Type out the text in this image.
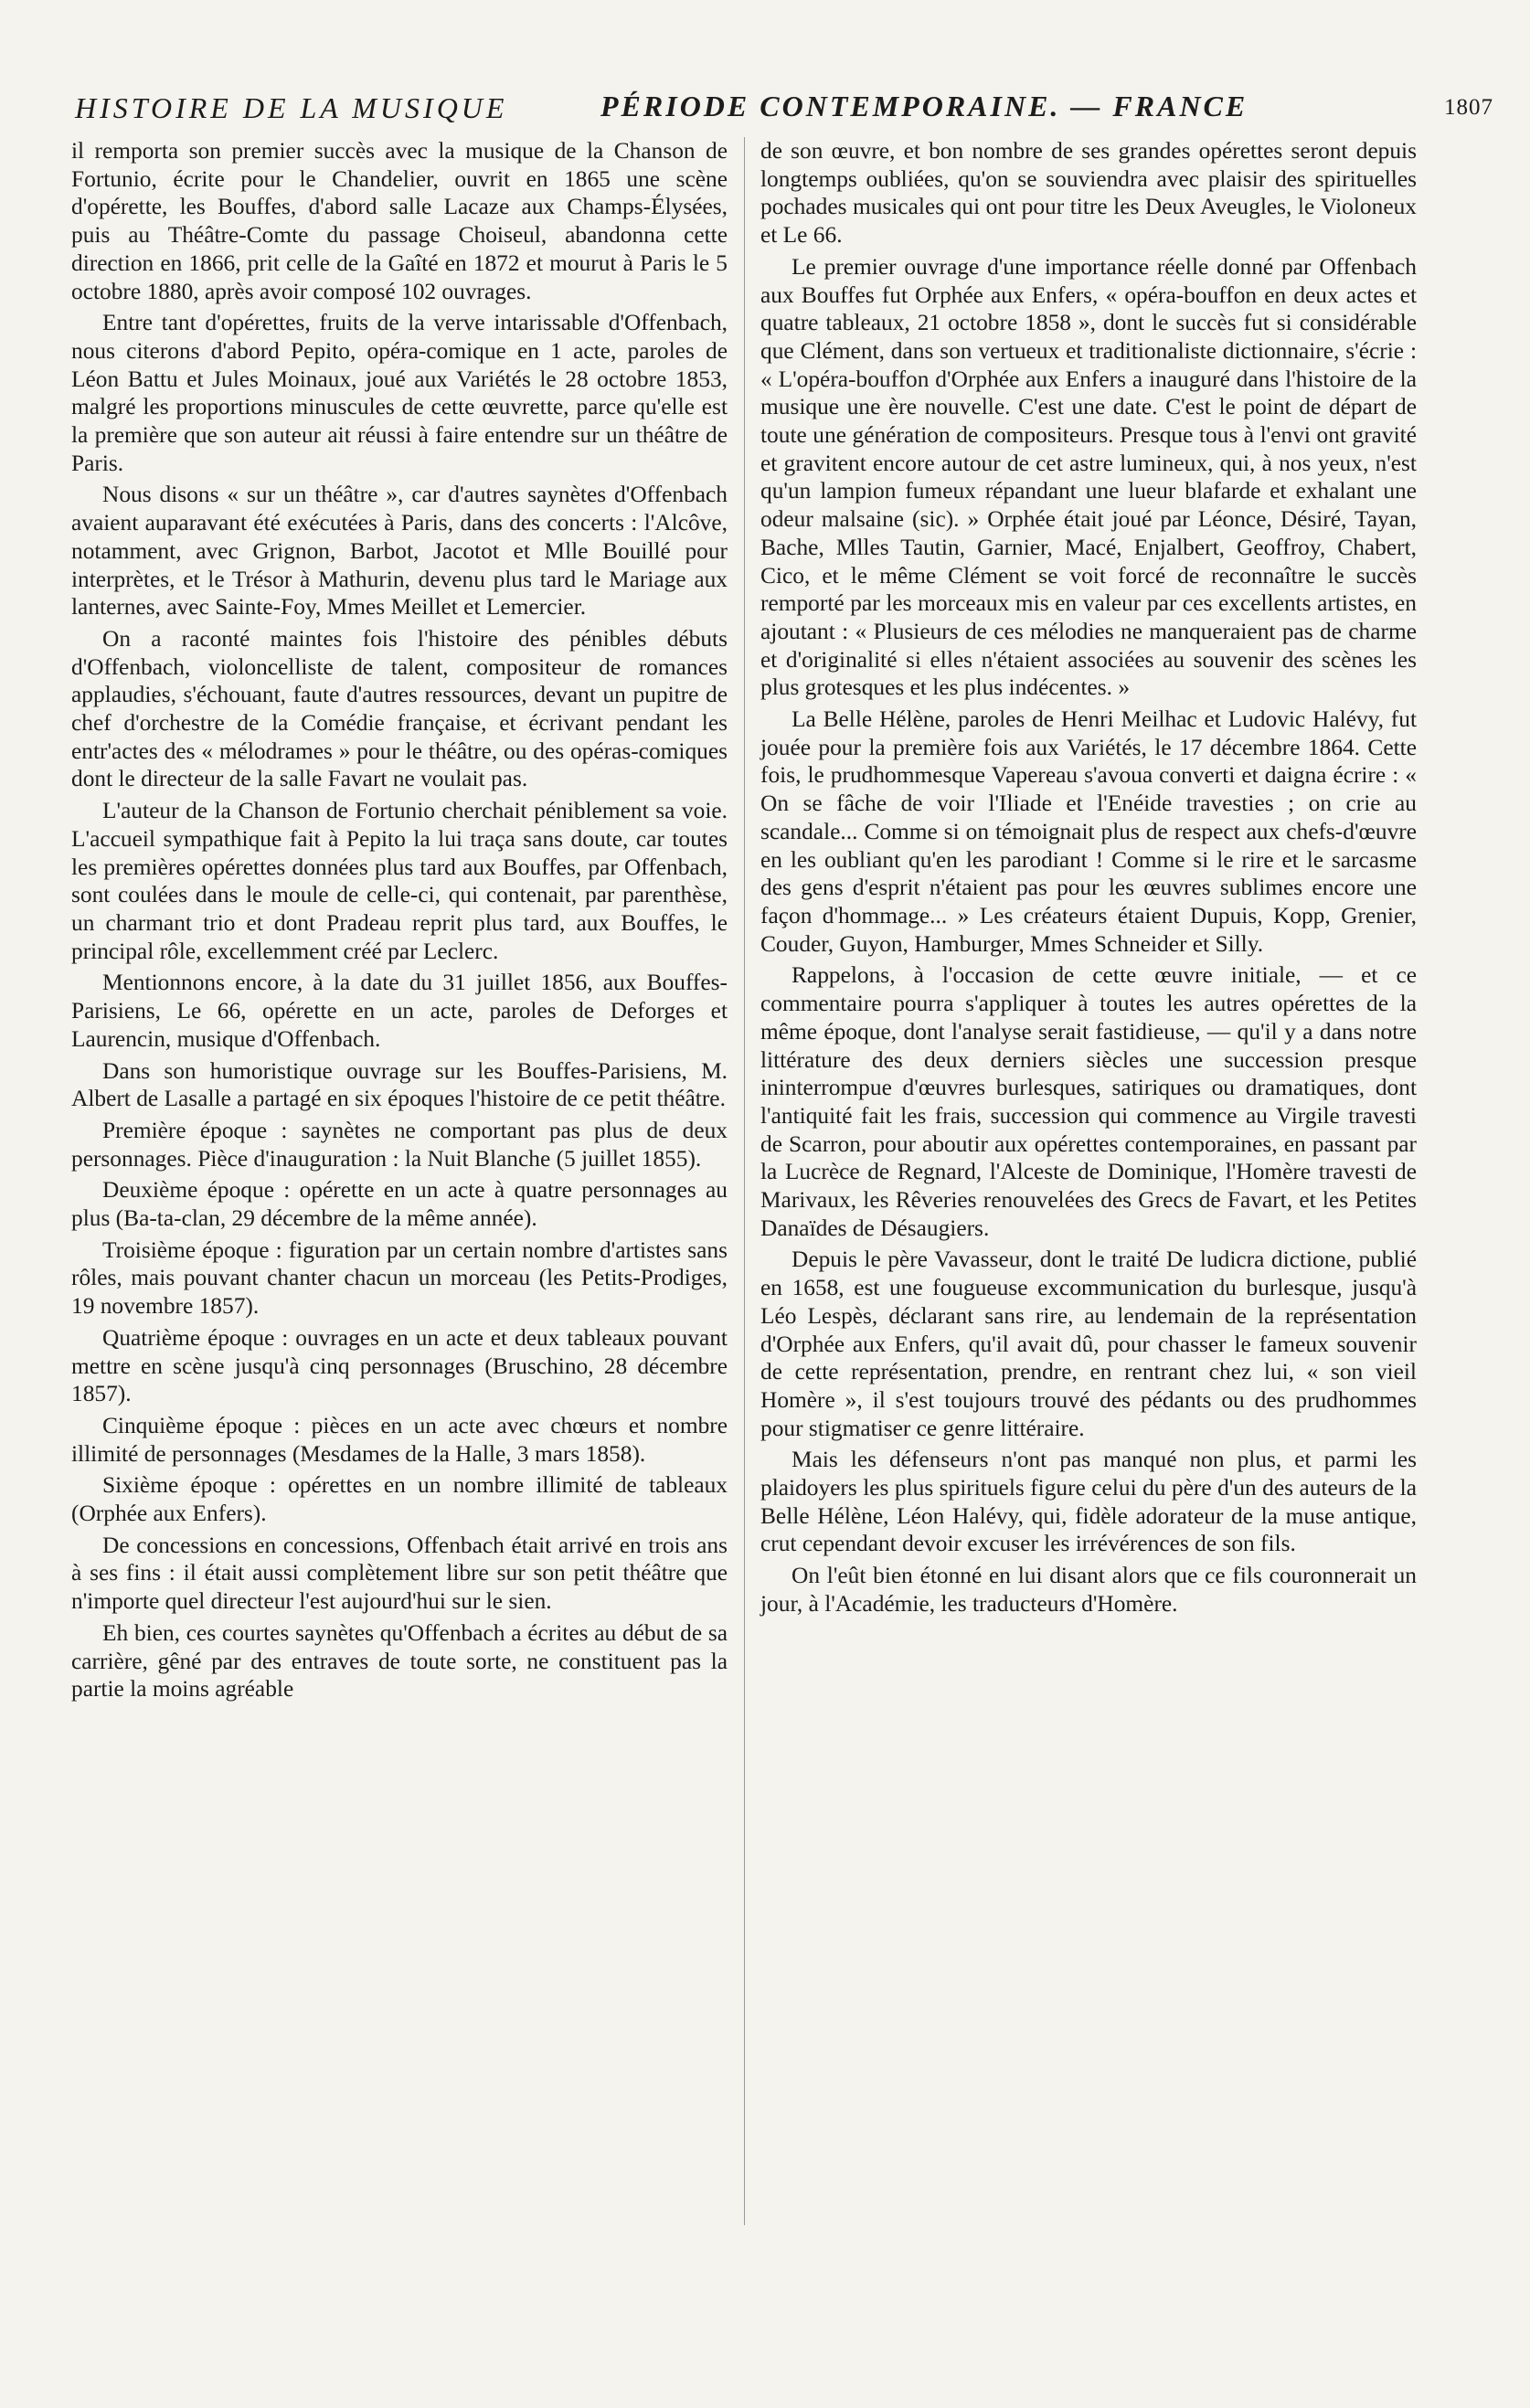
HISTOIRE DE LA MUSIQUE	PÉRIODE CONTEMPORAINE. — FRANCE	1807

il remporta son premier succès avec la musique de la Chanson de Fortunio, écrite pour le Chandelier, ouvrit en 1865 une scène d'opérette, les Bouffes, d'abord salle Lacaze aux Champs-Élysées, puis au Théâtre-Comte du passage Choiseul, abandonna cette direction en 1866, prit celle de la Gaîté en 1872 et mourut à Paris le 5 octobre 1880, après avoir composé 102 ouvrages.

Entre tant d'opérettes, fruits de la verve intarissable d'Offenbach, nous citerons d'abord Pepito, opéra-comique en 1 acte, paroles de Léon Battu et Jules Moinaux, joué aux Variétés le 28 octobre 1853, malgré les proportions minuscules de cette œuvrette, parce qu'elle est la première que son auteur ait réussi à faire entendre sur un théâtre de Paris.

Nous disons « sur un théâtre », car d'autres saynètes d'Offenbach avaient auparavant été exécutées à Paris, dans des concerts : l'Alcôve, notamment, avec Grignon, Barbot, Jacotot et Mlle Bouillé pour interprètes, et le Trésor à Mathurin, devenu plus tard le Mariage aux lanternes, avec Sainte-Foy, Mmes Meillet et Lemercier.

On a raconté maintes fois l'histoire des pénibles débuts d'Offenbach, violoncelliste de talent, compositeur de romances applaudies, s'échouant, faute d'autres ressources, devant un pupitre de chef d'orchestre de la Comédie française, et écrivant pendant les entr'actes des « mélodrames » pour le théâtre, ou des opéras-comiques dont le directeur de la salle Favart ne voulait pas.

L'auteur de la Chanson de Fortunio cherchait péniblement sa voie. L'accueil sympathique fait à Pepito la lui traça sans doute, car toutes les premières opérettes données plus tard aux Bouffes, par Offenbach, sont coulées dans le moule de celle-ci, qui contenait, par parenthèse, un charmant trio et dont Pradeau reprit plus tard, aux Bouffes, le principal rôle, excellemment créé par Leclerc.

Mentionnons encore, à la date du 31 juillet 1856, aux Bouffes-Parisiens, Le 66, opérette en un acte, paroles de Deforges et Laurencin, musique d'Offenbach.

Dans son humoristique ouvrage sur les Bouffes-Parisiens, M. Albert de Lasalle a partagé en six époques l'histoire de ce petit théâtre.

Première époque : saynètes ne comportant pas plus de deux personnages. Pièce d'inauguration : la Nuit Blanche (5 juillet 1855).

Deuxième époque : opérette en un acte à quatre personnages au plus (Ba-ta-clan, 29 décembre de la même année).

Troisième époque : figuration par un certain nombre d'artistes sans rôles, mais pouvant chanter chacun un morceau (les Petits-Prodiges, 19 novembre 1857).

Quatrième époque : ouvrages en un acte et deux tableaux pouvant mettre en scène jusqu'à cinq personnages (Bruschino, 28 décembre 1857).

Cinquième époque : pièces en un acte avec chœurs et nombre illimité de personnages (Mesdames de la Halle, 3 mars 1858).

Sixième époque : opérettes en un nombre illimité de tableaux (Orphée aux Enfers).

De concessions en concessions, Offenbach était arrivé en trois ans à ses fins : il était aussi complètement libre sur son petit théâtre que n'importe quel directeur l'est aujourd'hui sur le sien.

Eh bien, ces courtes saynètes qu'Offenbach a écrites au début de sa carrière, gêné par des entraves de toute sorte, ne constituent pas la partie la moins agréable

de son œuvre, et bon nombre de ses grandes opérettes seront depuis longtemps oubliées, qu'on se souviendra avec plaisir des spirituelles pochades musicales qui ont pour titre les Deux Aveugles, le Violoneux et Le 66.

Le premier ouvrage d'une importance réelle donné par Offenbach aux Bouffes fut Orphée aux Enfers, « opéra-bouffon en deux actes et quatre tableaux, 21 octobre 1858 », dont le succès fut si considérable que Clément, dans son vertueux et traditionaliste dictionnaire, s'écrie : « L'opéra-bouffon d'Orphée aux Enfers a inauguré dans l'histoire de la musique une ère nouvelle. C'est une date. C'est le point de départ de toute une génération de compositeurs. Presque tous à l'envi ont gravité et gravitent encore autour de cet astre lumineux, qui, à nos yeux, n'est qu'un lampion fumeux répandant une lueur blafarde et exhalant une odeur malsaine (sic). » Orphée était joué par Léonce, Désiré, Tayan, Bache, Mlles Tautin, Garnier, Macé, Enjalbert, Geoffroy, Chabert, Cico, et le même Clément se voit forcé de reconnaître le succès remporté par les morceaux mis en valeur par ces excellents artistes, en ajoutant : « Plusieurs de ces mélodies ne manqueraient pas de charme et d'originalité si elles n'étaient associées au souvenir des scènes les plus grotesques et les plus indécentes. »

La Belle Hélène, paroles de Henri Meilhac et Ludovic Halévy, fut jouée pour la première fois aux Variétés, le 17 décembre 1864. Cette fois, le prudhommesque Vapereau s'avoua converti et daigna écrire : « On se fâche de voir l'Iliade et l'Enéide travesties ; on crie au scandale... Comme si on témoignait plus de respect aux chefs-d'œuvre en les oubliant qu'en les parodiant ! Comme si le rire et le sarcasme des gens d'esprit n'étaient pas pour les œuvres sublimes encore une façon d'hommage... » Les créateurs étaient Dupuis, Kopp, Grenier, Couder, Guyon, Hamburger, Mmes Schneider et Silly.

Rappelons, à l'occasion de cette œuvre initiale, — et ce commentaire pourra s'appliquer à toutes les autres opérettes de la même époque, dont l'analyse serait fastidieuse, — qu'il y a dans notre littérature des deux derniers siècles une succession presque ininterrompue d'œuvres burlesques, satiriques ou dramatiques, dont l'antiquité fait les frais, succession qui commence au Virgile travesti de Scarron, pour aboutir aux opérettes contemporaines, en passant par la Lucrèce de Regnard, l'Alceste de Dominique, l'Homère travesti de Marivaux, les Rêveries renouvelées des Grecs de Favart, et les Petites Danaïdes de Désaugiers.

Depuis le père Vavasseur, dont le traité De ludicra dictione, publié en 1658, est une fougueuse excommunication du burlesque, jusqu'à Léo Lespès, déclarant sans rire, au lendemain de la représentation d'Orphée aux Enfers, qu'il avait dû, pour chasser le fameux souvenir de cette représentation, prendre, en rentrant chez lui, « son vieil Homère », il s'est toujours trouvé des pédants ou des prudhommes pour stigmatiser ce genre littéraire.

Mais les défenseurs n'ont pas manqué non plus, et parmi les plaidoyers les plus spirituels figure celui du père d'un des auteurs de la Belle Hélène, Léon Halévy, qui, fidèle adorateur de la muse antique, crut cependant devoir excuser les irrévérences de son fils.

On l'eût bien étonné en lui disant alors que ce fils couronnerait un jour, à l'Académie, les traducteurs d'Homère.
